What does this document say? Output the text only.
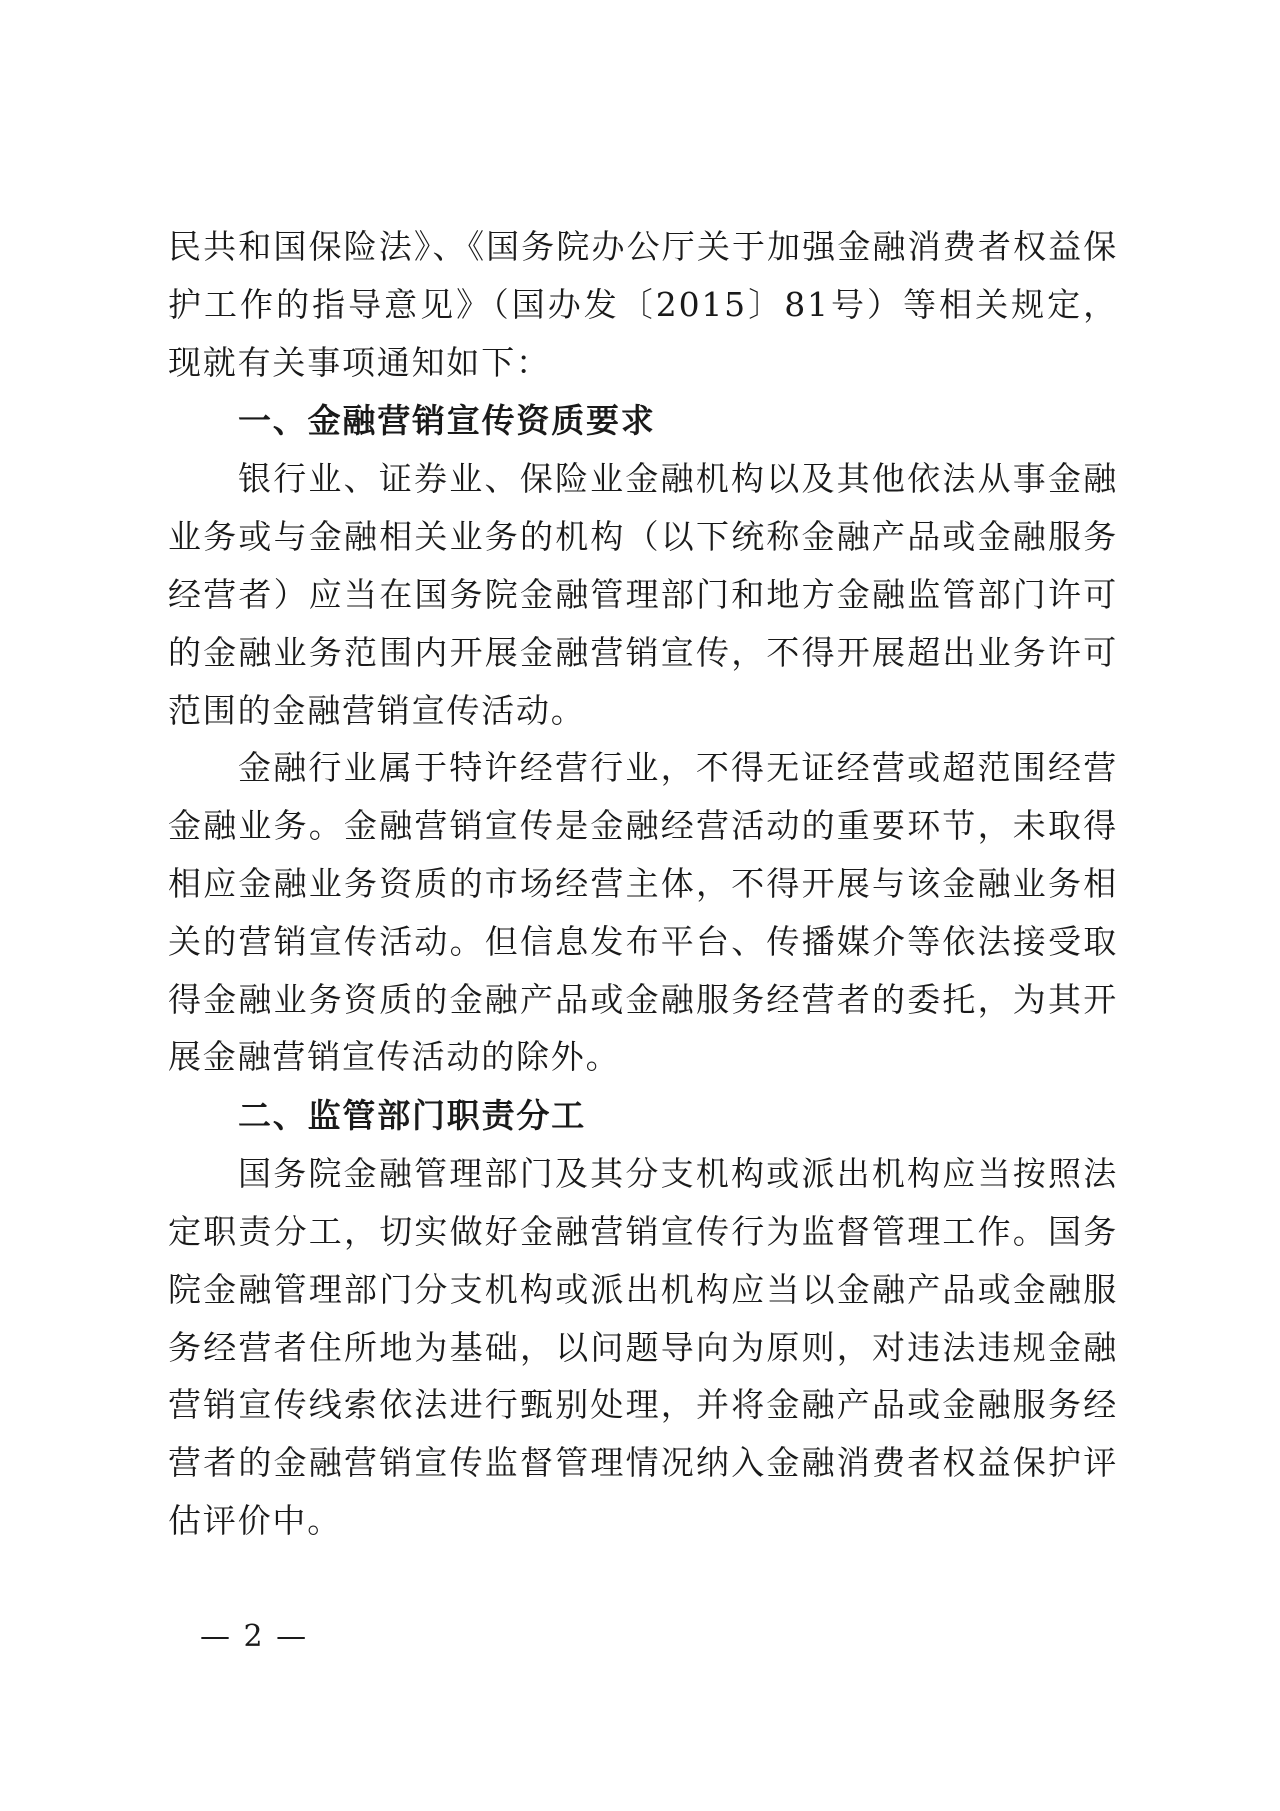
民共和国保险法》、《国务院办公厅关于加强金融消费者权益保护工作的指导意见》（国办发〔2015〕81号）等相关规定，现就有关事项通知如下：

一、金融营销宣传资质要求

银行业、证券业、保险业金融机构以及其他依法从事金融业务或与金融相关业务的机构（以下统称金融产品或金融服务经营者）应当在国务院金融管理部门和地方金融监管部门许可的金融业务范围内开展金融营销宣传，不得开展超出业务许可范围的金融营销宣传活动。

金融行业属于特许经营行业，不得无证经营或超范围经营金融业务。金融营销宣传是金融经营活动的重要环节，未取得相应金融业务资质的市场经营主体，不得开展与该金融业务相关的营销宣传活动。但信息发布平台、传播媒介等依法接受取得金融业务资质的金融产品或金融服务经营者的委托，为其开展金融营销宣传活动的除外。

二、监管部门职责分工

国务院金融管理部门及其分支机构或派出机构应当按照法定职责分工，切实做好金融营销宣传行为监督管理工作。国务院金融管理部门分支机构或派出机构应当以金融产品或金融服务经营者住所地为基础，以问题导向为原则，对违法违规金融营销宣传线索依法进行甄别处理，并将金融产品或金融服务经营者的金融营销宣传监督管理情况纳入金融消费者权益保护评估评价中。

— 2 —
